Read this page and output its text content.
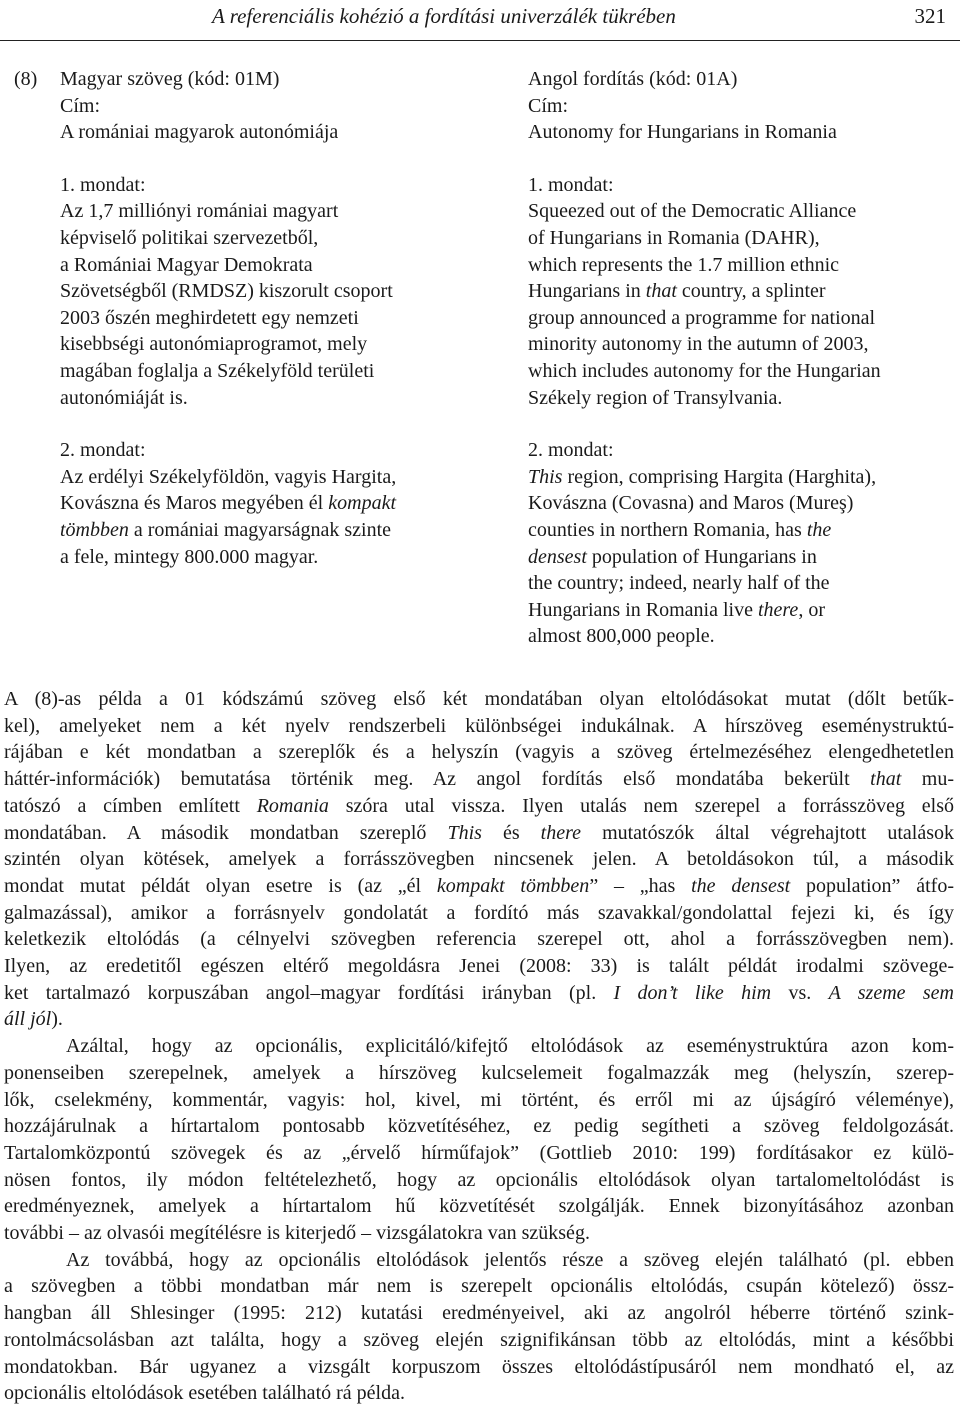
A referenciális kohézió a fordítási univerzálék tükrében	321
(8) Magyar szöveg (kód: 01M)
Cím:
A romániai magyarok autonómiája
1. mondat:
Az 1,7 milliónyi romániai magyart
képviselő politikai szervezetből,
a Romániai Magyar Demokrata
Szövetségből (RMDSZ) kiszorult csoport
2003 őszén meghirdetett egy nemzeti
kisebbségi autonómiaprogramot, mely
magában foglalja a Székelyföld területi
autonómiáját is.
2. mondat:
Az erdélyi Székelyföldön, vagyis Hargita,
Kovászna és Maros megyében él kompakt
tömbben a romániai magyarságnak szinte
a fele, mintegy 800.000 magyar.
Angol fordítás (kód: 01A)
Cím:
Autonomy for Hungarians in Romania
1. mondat:
Squeezed out of the Democratic Alliance
of Hungarians in Romania (DAHR),
which represents the 1.7 million ethnic
Hungarians in that country, a splinter
group announced a programme for national
minority autonomy in the autumn of 2003,
which includes autonomy for the Hungarian
Székely region of Transylvania.
2. mondat:
This region, comprising Hargita (Harghita),
Kovászna (Covasna) and Maros (Mureş)
counties in northern Romania, has the
densest population of Hungarians in
the country; indeed, nearly half of the
Hungarians in Romania live there, or
almost 800,000 people.
A (8)-as példa a 01 kódszámú szöveg első két mondatában olyan eltolódásokat mutat (dőlt betűk-
kel), amelyeket nem a két nyelv rendszerbeli különbségei indukálnak. A hírszöveg eseménystruktú-
rájában e két mondatban a szereplők és a helyszín (vagyis a szöveg értelmezéséhez elengedhetetlen
háttér-információk) bemutatása történik meg. Az angol fordítás első mondatába bekerült that mu-
tatószó a címben említett Romania szóra utal vissza. Ilyen utalás nem szerepel a forrásszöveg első
mondatában. A második mondatban szereplő This és there mutatószók által végrehajtott utalások
szintén olyan kötések, amelyek a forrásszövegben nincsenek jelen. A betoldásokon túl, a második
mondat mutat példát olyan esetre is (az „él kompakt tömbben” – „has the densest population” átfo-
galmazással), amikor a forrásnyelv gondolatát a fordító más szavakkal/gondolattal fejezi ki, és így
keletkezik eltolódás (a célnyelvi szövegben referencia szerepel ott, ahol a forrásszövegben nem).
Ilyen, az eredetitől egészen eltérő megoldásra Jenei (2008: 33) is talált példát irodalmi szövege-
ket tartalmazó korpuszában angol–magyar fordítási irányban (pl. I don’t like him vs. A szeme sem
áll jól).
Azáltal, hogy az opcionális, explicitáló/kifejtő eltolódások az eseménystruktúra azon kom-
ponenseiben szerepelnek, amelyek a hírszöveg kulcselemeit fogalmazzák meg (helyszín, szerep-
lők, cselekmény, kommentár, vagyis: hol, kivel, mi történt, és erről mi az újságíró véleménye),
hozzájárulnak a hírtartalom pontosabb közvetítéséhez, ez pedig segítheti a szöveg feldolgozását.
Tartalomközpontú szövegek és az „érvelő hírműfajok” (Gottlieb 2010: 199) fordításakor ez külö-
nösen fontos, ily módon feltételezhető, hogy az opcionális eltolódások olyan tartalomeltolódást is
eredményeznek, amelyek a hírtartalom hű közvetítését szolgálják. Ennek bizonyításához azonban
további – az olvasói megítélésre is kiterjedő – vizsgálatokra van szükség.
Az továbbá, hogy az opcionális eltolódások jelentős része a szöveg elején található (pl. ebben
a szövegben a többi mondatban már nem is szerepelt opcionális eltolódás, csupán kötelező) össz-
hangban áll Shlesinger (1995: 212) kutatási eredményeivel, aki az angolról héberre történő szink-
rontolmácsolásban azt találta, hogy a szöveg elején szignifikánsan több az eltolódás, mint a későbbi
mondatokban. Bár ugyanez a vizsgált korpuszom összes eltolódástípusáról nem mondható el, az
opcionális eltolódások esetében található rá példa.
